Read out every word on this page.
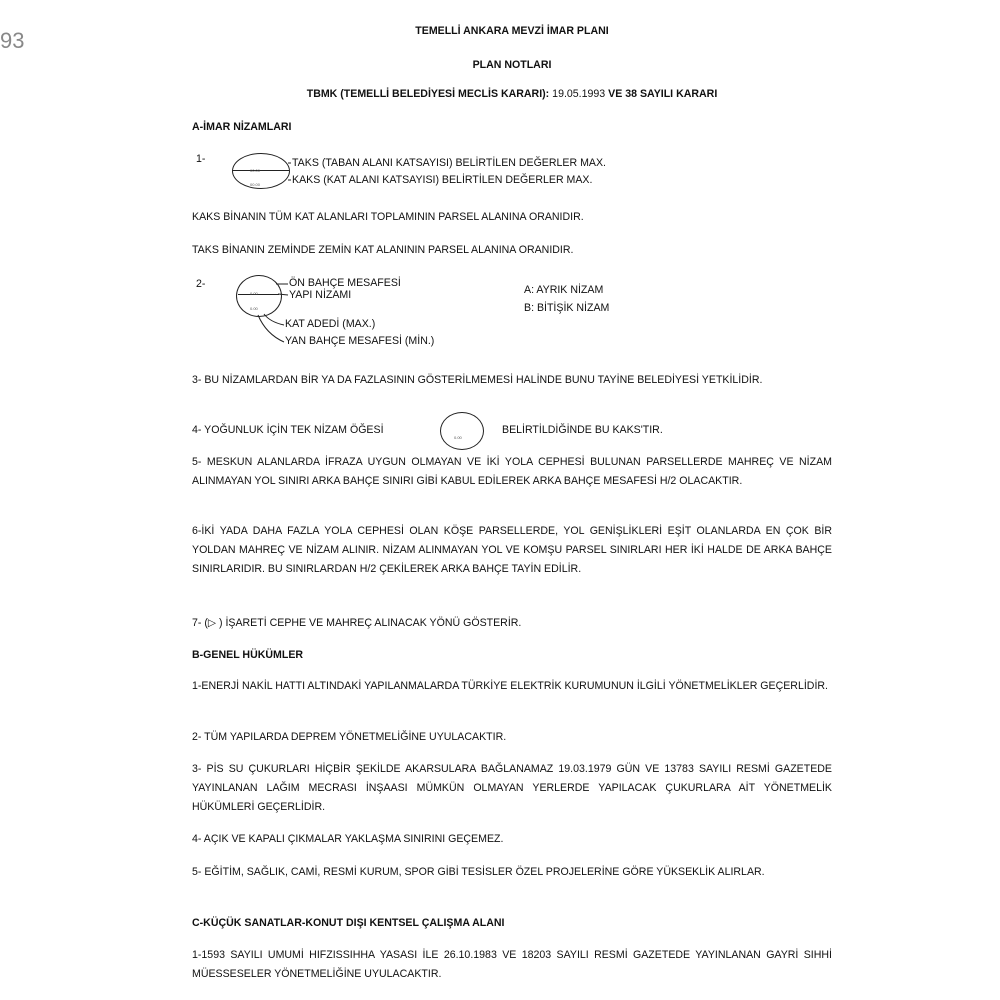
93	TEMELLİ ANKARA MEVZİ İMAR PLANI
PLAN NOTLARI
TBMK (TEMELLİ BELEDİYESİ MECLİS KARARI): 19.05.1993 VE 38 SAYILI KARARI
A-İMAR NİZAMLARI
1-
00.00
00.00
TAKS (TABAN ALANI KATSAYISI) BELİRTİLEN DEĞERLER MAX.
KAKS (KAT ALANI KATSAYISI) BELİRTİLEN DEĞERLER MAX.
KAKS BİNANIN TÜM KAT ALANLARI TOPLAMININ PARSEL ALANINA ORANIDIR.
TAKS BİNANIN ZEMİNDE ZEMİN KAT ALANININ PARSEL ALANINA ORANIDIR.
2-
0.00
0.00
ÖN BAHÇE MESAFESİ
YAPI NİZAMI
KAT ADEDİ (MAX.)
YAN BAHÇE MESAFESİ (MİN.)
A: AYRIK NİZAM
B: BİTİŞİK NİZAM
3- BU NİZAMLARDAN BİR YA DA FAZLASININ GÖSTERİLMEMESİ HALİNDE BUNU TAYİNE BELEDİYESİ YETKİLİDİR.
4- YOĞUNLUK İÇİN TEK NİZAM ÖĞESİ
0.00
BELİRTİLDİĞİNDE BU KAKS'TIR.
5- MESKUN ALANLARDA İFRAZA UYGUN OLMAYAN VE İKİ YOLA CEPHESİ BULUNAN PARSELLERDE MAHREÇ VE NİZAM ALINMAYAN YOL SINIRI ARKA BAHÇE SINIRI GİBİ KABUL EDİLEREK ARKA BAHÇE MESAFESİ H/2 OLACAKTIR.
6-İKİ YADA DAHA FAZLA YOLA CEPHESİ OLAN KÖŞE PARSELLERDE, YOL GENİŞLİKLERİ EŞİT OLANLARDA EN ÇOK BİR YOLDAN MAHREÇ VE NİZAM ALINIR. NİZAM ALINMAYAN YOL VE KOMŞU PARSEL SINIRLARI HER İKİ HALDE DE ARKA BAHÇE SINIRLARIDIR. BU SINIRLARDAN H/2 ÇEKİLEREK ARKA BAHÇE TAYİN EDİLİR.
7- (▷ ) İŞARETİ CEPHE VE MAHREÇ ALINACAK YÖNÜ GÖSTERİR.
B-GENEL HÜKÜMLER
1-ENERJİ NAKİL HATTI ALTINDAKİ YAPILANMALARDA TÜRKİYE ELEKTRİK KURUMUNUN İLGİLİ YÖNETMELİKLER GEÇERLİDİR.
2- TÜM YAPILARDA DEPREM YÖNETMELİĞİNE UYULACAKTIR.
3- PİS SU ÇUKURLARI HİÇBİR ŞEKİLDE AKARSULARA BAĞLANAMAZ 19.03.1979 GÜN VE 13783 SAYILI RESMİ GAZETEDE YAYINLANAN LAĞIM MECRASI İNŞAASI MÜMKÜN OLMAYAN YERLERDE YAPILACAK ÇUKURLARA AİT YÖNETMELİK HÜKÜMLERİ GEÇERLİDİR.
4- AÇIK VE KAPALI ÇIKMALAR YAKLAŞMA SINIRINI GEÇEMEZ.
5- EĞİTİM, SAĞLIK, CAMİ, RESMİ KURUM, SPOR GİBİ TESİSLER ÖZEL PROJELERİNE GÖRE YÜKSEKLİK ALIRLAR.
C-KÜÇÜK SANATLAR-KONUT DIŞI KENTSEL ÇALIŞMA ALANI
1-1593 SAYILI UMUMİ HIFZISSIHHA YASASI İLE 26.10.1983 VE 18203 SAYILI RESMİ GAZETEDE YAYINLANAN GAYRİ SIHHİ MÜESSESELER YÖNETMELİĞİNE UYULACAKTIR.
